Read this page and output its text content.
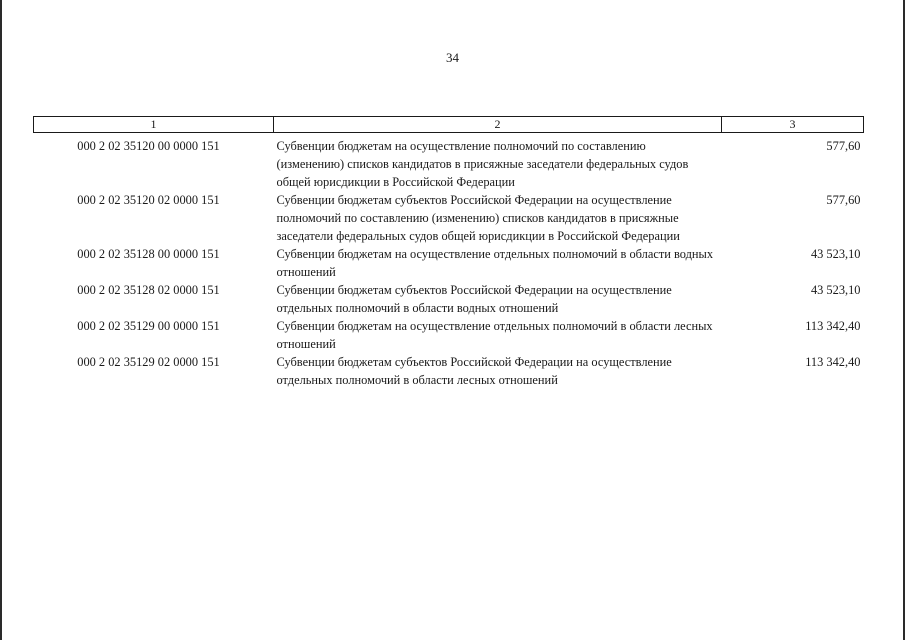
34
1	2	3
000 2 02 35120 00 0000 151	Субвенции бюджетам на осуществление полномочий по составлению (изменению) списков кандидатов в присяжные заседатели федеральных судов общей юрисдикции в Российской Федерации	577,60
000 2 02 35120 02 0000 151	Субвенции бюджетам субъектов Российской Федерации на осуществление полномочий по составлению (изменению) списков кандидатов в присяжные заседатели федеральных судов общей юрисдикции в Российской Федерации	577,60
000 2 02 35128 00 0000 151	Субвенции бюджетам на осуществление отдельных полномочий в области водных отношений	43 523,10
000 2 02 35128 02 0000 151	Субвенции бюджетам субъектов Российской Федерации на осуществление отдельных полномочий в области водных отношений	43 523,10
000 2 02 35129 00 0000 151	Субвенции бюджетам на осуществление отдельных полномочий в области лесных отношений	113 342,40
000 2 02 35129 02 0000 151	Субвенции бюджетам субъектов Российской Федерации на осуществление отдельных полномочий в области лесных отношений	113 342,40
